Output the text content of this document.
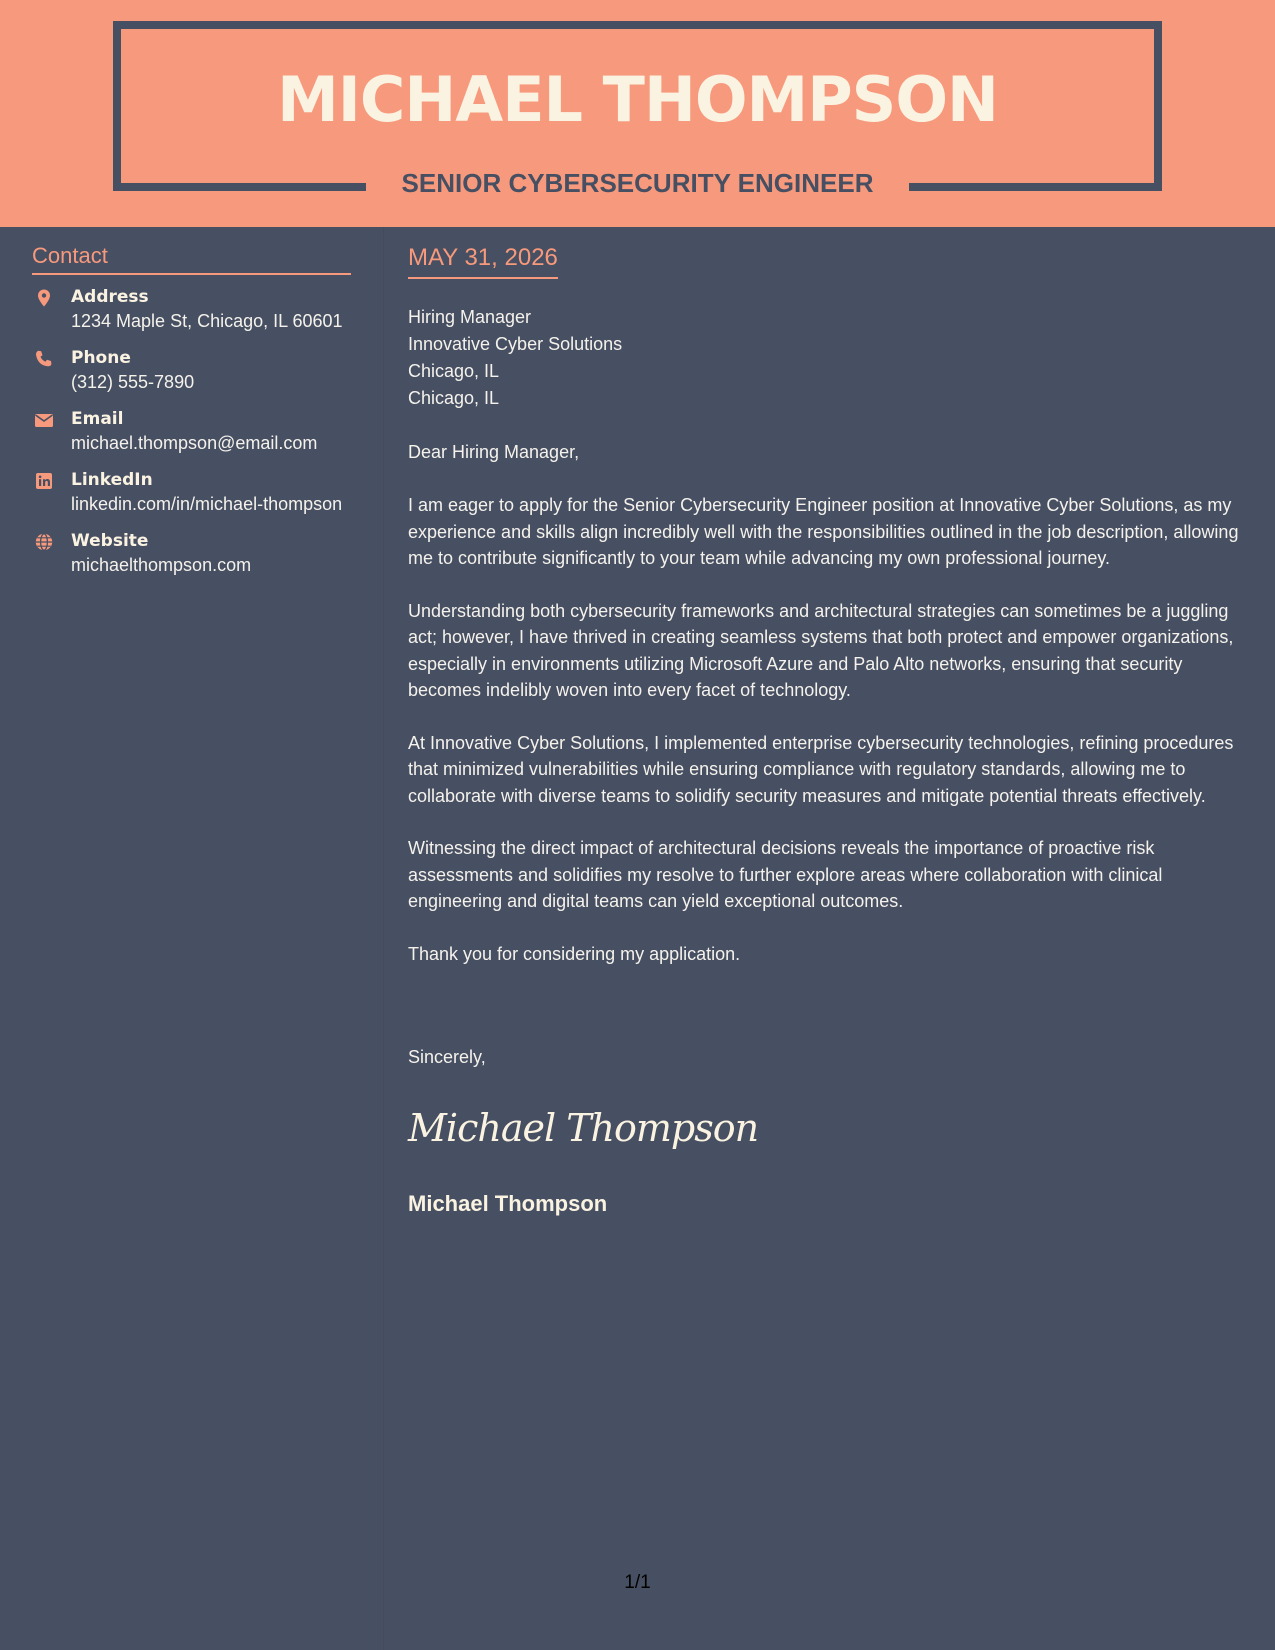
MICHAEL THOMPSON
SENIOR CYBERSECURITY ENGINEER
Contact
Address
1234 Maple St, Chicago, IL 60601
Phone
(312) 555-7890
Email
michael.thompson@email.com
LinkedIn
linkedin.com/in/michael-thompson
Website
michaelthompson.com
MAY 31, 2026
Hiring Manager
Innovative Cyber Solutions
Chicago, IL
Chicago, IL

Dear Hiring Manager,

I am eager to apply for the Senior Cybersecurity Engineer position at Innovative Cyber Solutions, as my experience and skills align incredibly well with the responsibilities outlined in the job description, allowing me to contribute significantly to your team while advancing my own professional journey.

Understanding both cybersecurity frameworks and architectural strategies can sometimes be a juggling act; however, I have thrived in creating seamless systems that both protect and empower organizations, especially in environments utilizing Microsoft Azure and Palo Alto networks, ensuring that security becomes indelibly woven into every facet of technology.

At Innovative Cyber Solutions, I implemented enterprise cybersecurity technologies, refining procedures that minimized vulnerabilities while ensuring compliance with regulatory standards, allowing me to collaborate with diverse teams to solidify security measures and mitigate potential threats effectively.

Witnessing the direct impact of architectural decisions reveals the importance of proactive risk assessments and solidifies my resolve to further explore areas where collaboration with clinical engineering and digital teams can yield exceptional outcomes.

Thank you for considering my application.

Sincerely,

Michael Thompson

Michael Thompson

1/1
